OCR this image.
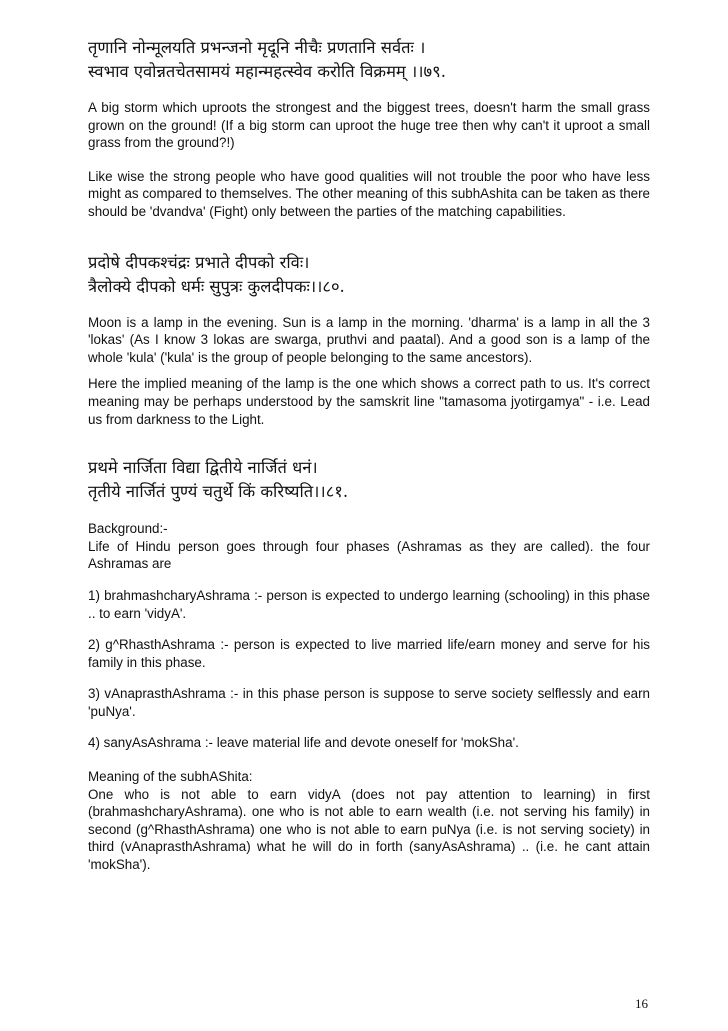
तृणानि नोन्मूलयति प्रभन्जनो मृदूनि नीचैः प्रणतानि सर्वतः ।

स्वभाव एवोन्नतचेतसामयं महान्महत्स्वेव करोति विक्रमम् ।।७९.

A big storm which uproots the strongest and the biggest trees, doesn't harm the small grass grown on the ground! (If a big storm can uproot the huge tree then why can't it uproot a small grass from the ground?!)

Like wise the strong people who have good qualities will not trouble the poor who have less might as compared to themselves. The other meaning of this subhAshita can be taken as there should be 'dvandva' (Fight) only between the parties of the matching capabilities.

प्रदोषे दीपकश्चंद्रः प्रभाते दीपको रविः।

त्रैलोक्ये दीपको धर्मः सुपुत्रः कुलदीपकः।।८०.

Moon is a lamp in the evening. Sun is a lamp in the morning. 'dharma' is a lamp in all the 3 'lokas' (As I know 3 lokas are swarga, pruthvi and paatal). And a good son is a lamp of the whole 'kula' ('kula' is the group of people belonging to the same ancestors).

Here the implied meaning of the lamp is the one which shows a correct path to us. It's correct meaning may be perhaps understood by the samskrit line "tamasoma jyotirgamya" - i.e. Lead us from darkness to the Light.

प्रथमे नार्जिता विद्या द्वितीये नार्जितं धनं।

तृतीये नार्जितं पुण्यं चतुर्थे किं करिष्यति।।८१.

Background:-

Life of Hindu person goes through four phases (Ashramas as they are called). the four Ashramas are

1) brahmashcharyAshrama :- person is expected to undergo learning (schooling) in this phase .. to earn 'vidyA'.

2) g^RhasthAshrama :- person is expected to live married life/earn money and serve for his family in this phase.

3) vAnaprasthAshrama :- in this phase person is suppose to serve society selflessly and earn 'puNya'.

4) sanyAsAshrama :- leave material life and devote oneself for 'mokSha'.

Meaning of the subhAShita:

One who is not able to earn vidyA (does not pay attention to learning) in first (brahmashcharyAshrama). one who is not able to earn wealth (i.e. not serving his family) in second (g^RhasthAshrama) one who is not able to earn puNya (i.e. is not serving society) in third (vAnaprasthAshrama) what he will do in forth (sanyAsAshrama) .. (i.e. he cant attain 'mokSha').

16
